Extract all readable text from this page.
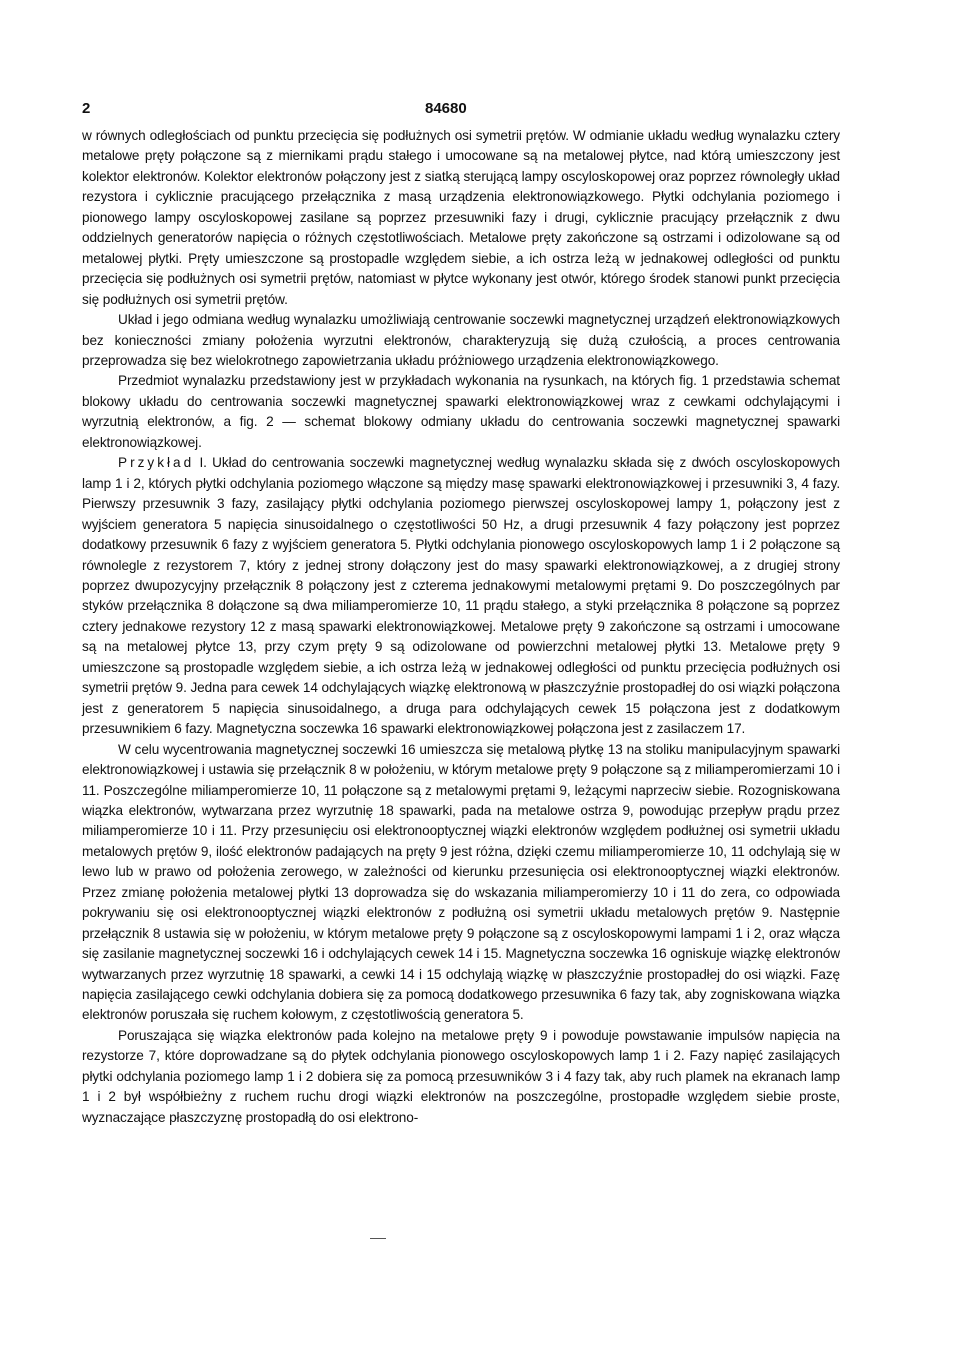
2	84680

w równych odległościach od punktu przecięcia się podłużnych osi symetrii prętów. W odmianie układu według wynalazku cztery metalowe pręty połączone są z miernikami prądu stałego i umocowane są na metalowej płytce, nad którą umieszczony jest kolektor elektronów. Kolektor elektronów połączony jest z siatką sterującą lampy oscyloskopowej oraz poprzez równoległy układ rezystora i cyklicznie pracującego przełącznika z masą urządzenia elektronowiązkowego. Płytki odchylania poziomego i pionowego lampy oscyloskopowej zasilane są poprzez przesuwniki fazy i drugi, cyklicznie pracujący przełącznik z dwu oddzielnych generatorów napięcia o różnych częstotliwościach. Metalowe pręty zakończone są ostrzami i odizolowane są od metalowej płytki. Pręty umieszczone są prostopadle względem siebie, a ich ostrza leżą w jednakowej odległości od punktu przecięcia się podłużnych osi symetrii prętów, natomiast w płytce wykonany jest otwór, którego środek stanowi punkt przecięcia się podłużnych osi symetrii prętów.

Układ i jego odmiana według wynalazku umożliwiają centrowanie soczewki magnetycznej urządzeń elektronowiązkowych bez konieczności zmiany położenia wyrzutni elektronów, charakteryzują się dużą czułością, a proces centrowania przeprowadza się bez wielokrotnego zapowietrzania układu próżniowego urządzenia elektronowiązkowego.

Przedmiot wynalazku przedstawiony jest w przykładach wykonania na rysunkach, na których fig. 1 przedstawia schemat blokowy układu do centrowania soczewki magnetycznej spawarki elektronowiązkowej wraz z cewkami odchylającymi i wyrzutnią elektronów, a fig. 2 — schemat blokowy odmiany układu do centrowania soczewki magnetycznej spawarki elektronowiązkowej.

Przykład I. Układ do centrowania soczewki magnetycznej według wynalazku składa się z dwóch oscyloskopowych lamp 1 i 2, których płytki odchylania poziomego włączone są między masę spawarki elektronowiązkowej i przesuwniki 3, 4 fazy. Pierwszy przesuwnik 3 fazy, zasilający płytki odchylania poziomego pierwszej oscyloskopowej lampy 1, połączony jest z wyjściem generatora 5 napięcia sinusoidalnego o częstotliwości 50 Hz, a drugi przesuwnik 4 fazy połączony jest poprzez dodatkowy przesuwnik 6 fazy z wyjściem generatora 5. Płytki odchylania pionowego oscyloskopowych lamp 1 i 2 połączone są równolegle z rezystorem 7, który z jednej strony dołączony jest do masy spawarki elektronowiązkowej, a z drugiej strony poprzez dwupozycyjny przełącznik 8 połączony jest z czterema jednakowymi metalowymi prętami 9. Do poszczególnych par styków przełącznika 8 dołączone są dwa miliamperomierze 10, 11 prądu stałego, a styki przełącznika 8 połączone są poprzez cztery jednakowe rezystory 12 z masą spawarki elektronowiązkowej. Metalowe pręty 9 zakończone są ostrzami i umocowane są na metalowej płytce 13, przy czym pręty 9 są odizolowane od powierzchni metalowej płytki 13. Metalowe pręty 9 umieszczone są prostopadle względem siebie, a ich ostrza leżą w jednakowej odległości od punktu przecięcia podłużnych osi symetrii prętów 9. Jedna para cewek 14 odchylających wiązkę elektronową w płaszczyźnie prostopadłej do osi wiązki połączona jest z generatorem 5 napięcia sinusoidalnego, a druga para odchylających cewek 15 połączona jest z dodatkowym przesuwnikiem 6 fazy. Magnetyczna soczewka 16 spawarki elektronowiązkowej połączona jest z zasilaczem 17.

W celu wycentrowania magnetycznej soczewki 16 umieszcza się metalową płytkę 13 na stoliku manipulacyjnym spawarki elektronowiązkowej i ustawia się przełącznik 8 w położeniu, w którym metalowe pręty 9 połączone są z miliamperomierzami 10 i 11. Poszczególne miliamperomierze 10, 11 połączone są z metalowymi prętami 9, leżącymi naprzeciw siebie. Rozogniskowana wiązka elektronów, wytwarzana przez wyrzutnię 18 spawarki, pada na metalowe ostrza 9, powodując przepływ prądu przez miliamperomierze 10 i 11. Przy przesunięciu osi elektronooptycznej wiązki elektronów względem podłużnej osi symetrii układu metalowych prętów 9, ilość elektronów padających na pręty 9 jest różna, dzięki czemu miliamperomierze 10, 11 odchylają się w lewo lub w prawo od położenia zerowego, w zależności od kierunku przesunięcia osi elektronooptycznej wiązki elektronów. Przez zmianę położenia metalowej płytki 13 doprowadza się do wskazania miliamperomierzy 10 i 11 do zera, co odpowiada pokrywaniu się osi elektronooptycznej wiązki elektronów z podłużną osi symetrii układu metalowych prętów 9. Następnie przełącznik 8 ustawia się w położeniu, w którym metalowe pręty 9 połączone są z oscyloskopowymi lampami 1 i 2, oraz włącza się zasilanie magnetycznej soczewki 16 i odchylających cewek 14 i 15. Magnetyczna soczewka 16 ogniskuje wiązkę elektronów wytwarzanych przez wyrzutnię 18 spawarki, a cewki 14 i 15 odchylają wiązkę w płaszczyźnie prostopadłej do osi wiązki. Fazę napięcia zasilającego cewki odchylania dobiera się za pomocą dodatkowego przesuwnika 6 fazy tak, aby zogniskowana wiązka elektronów poruszała się ruchem kołowym, z częstotliwością generatora 5.

Poruszająca się wiązka elektronów pada kolejno na metalowe pręty 9 i powoduje powstawanie impulsów napięcia na rezystorze 7, które doprowadzane są do płytek odchylania pionowego oscyloskopowych lamp 1 i 2. Fazy napięć zasilających płytki odchylania poziomego lamp 1 i 2 dobiera się za pomocą przesuwników 3 i 4 fazy tak, aby ruch plamek na ekranach lamp 1 i 2 był współbieżny z ruchem ruchu drogi wiązki elektronów na poszczególne, prostopadłe względem siebie proste, wyznaczające płaszczyznę prostopadłą do osi elektrono-
